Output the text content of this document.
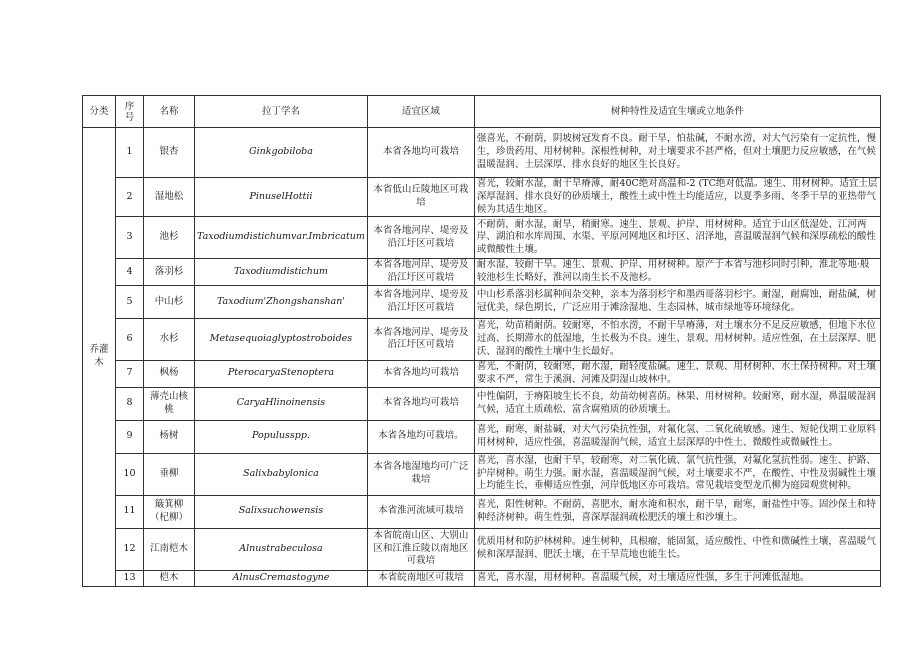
分类	序号	名称	拉丁学名	适宜区域	树种特性及适宜生壤或立地条件
乔灌木	1	银杏	Ginkgobiloba	本省各地均可栽培	强喜光，不耐荫，阴坡树冠发育不良。耐干旱，怕盐碱，不耐水涝，对大气污染有一定抗性，慢生，珍贵药用、用材树种。深根性树种，对土壤要求不甚严格，但对土壤肥力反应敏感，在气候温暖湿润、土层深厚、排水良好的地区生长良好。
	2	湿地松	PinuselHottii	本省低山丘陵地区可栽培	喜光，较耐水湿，耐干旱瘠薄，耐40C绝对高温和-2 (TC绝对低温。速生、用材树种。适宜土层深厚湿润、排水良好的砂质壤土，酸性土或中性土均能适应，以夏季多雨、冬季干旱的亚热带气候为其适生地区。
	3	池杉	Taxodiumdistichumvar.Imbricatum	本省各地河岸、堤旁及沿江圩区可栽培	不耐荫，耐水湿，耐旱，稍耐寒。速生、景观、护岸、用材树种。适宜于山区低湿处、江河两岸、湖泊和水库周围、水渠、平原河网地区和圩区、沼泽地，喜温暖湿润气候和深厚疏松的酸性或微酸性土壤。
	4	落羽杉	Taxodiumdistichum	本省各地河岸、堤旁及沿江圩区可栽培	耐水湿，较耐干旱。速生、景观、护岸、用材树种。原产于本省与池杉同时引种，淮北等地·般较池杉生长略好，淮河以南生长不及池杉。
	5	中山杉	Taxodium'Zhongshanshan'	本省各地河岸、堤旁及沿江圩区可栽培	中山杉系落羽杉属种间杂交种，亲本为落羽杉宇和墨西哥落羽杉宇。耐湿，耐腐蚀，耐盐碱，树冠优美，绿色期长，广泛应用于滩涂湿地、生态园林、城市绿地等环境绿化。
	6	水杉	Metasequoiaglyptostroboides	本省各地河岸、堤旁及沿江圩区可栽培	喜光，幼苗稍耐荫。较耐寒，不怕水涝，不耐干旱瘠薄，对土壤水分不足反应敏感，但地下水位过高、长期滞水的低湿地，生长极为不良。速生、景观、用材树种。适应性强，在土层深厚、肥沃、湿润的酸性土壤中生长最好。
	7	枫杨	PterocaryaStenoptera	本省各地均可栽培	喜光，不耐荫，较耐寒，耐水湿，耐轻度盐碱。速生、景观、用材树种、水土保持树种。对土壤要求不严，常生于溪涧、河滩及阴湿山坡林中。
	8	薄壳山核桃	CaryaHlinoinensis	本省各地均可栽培	中性偏阴，于瘠阳坡生长不良，幼苗幼树喜荫。林果、用材树种。较耐寒，耐水湿，鼻温暖湿润气候，适宜土质疏松、富含腐殖质的砂质壤土。
	9	杨树	Populusspp.	本省各地均可栽培。	喜光，耐寒，耐盐碱，对大气污染抗性强，对氟化氢、二氧化硫敏感。速生、短轮伐期工业原料用材树种，适应性强，喜温暖湿润气候，适宜土层深厚的中性土、微酸性或微碱性土。
	10	垂柳	Salixbabylonica	本省各地湿地均可广泛栽培	喜光，喜水湿，也耐干旱，较耐寒，对二氧化硫、氯气抗性强，对氟化氢抗性弱。速生、护路、护岸树种。萌生力强。耐水湿，喜温暖湿润气候，对土壤要求不严，在酸性、中性及弱碱性土壤上均能生长，垂柳适应性强，河岸低地区亦可栽培。常见栽培变型龙爪柳为庭园观赏树种。
	11	簸箕柳（杞柳）	Salixsuchowensis	本省淮河流域可栽培	喜光，阳性树种。不耐荫，喜肥水，耐水淹和积水，耐干旱，耐寒，耐盐性中等。固沙保土和特种经济树种。萌生性强，喜深厚湿润疏松肥沃的壤土和沙壤土。
	12	江南桤木	Alnustrabeculosa	本省皖南山区、大别山区和江淮丘陵以南地区可栽培	优质用材和防护林树种。速生树种，具根瘤，能固氮，适应酸性、中性和微碱性土壤，喜温暖气候和深厚湿润、肥沃土壤，在干旱荒地也能生长。
	13	桤木	AlnusCremastogyne	本省皖南地区可栽培	喜光，喜水湿，用材树种。喜温暖气候，对土壤适应性强，多生于河滩低湿地。
